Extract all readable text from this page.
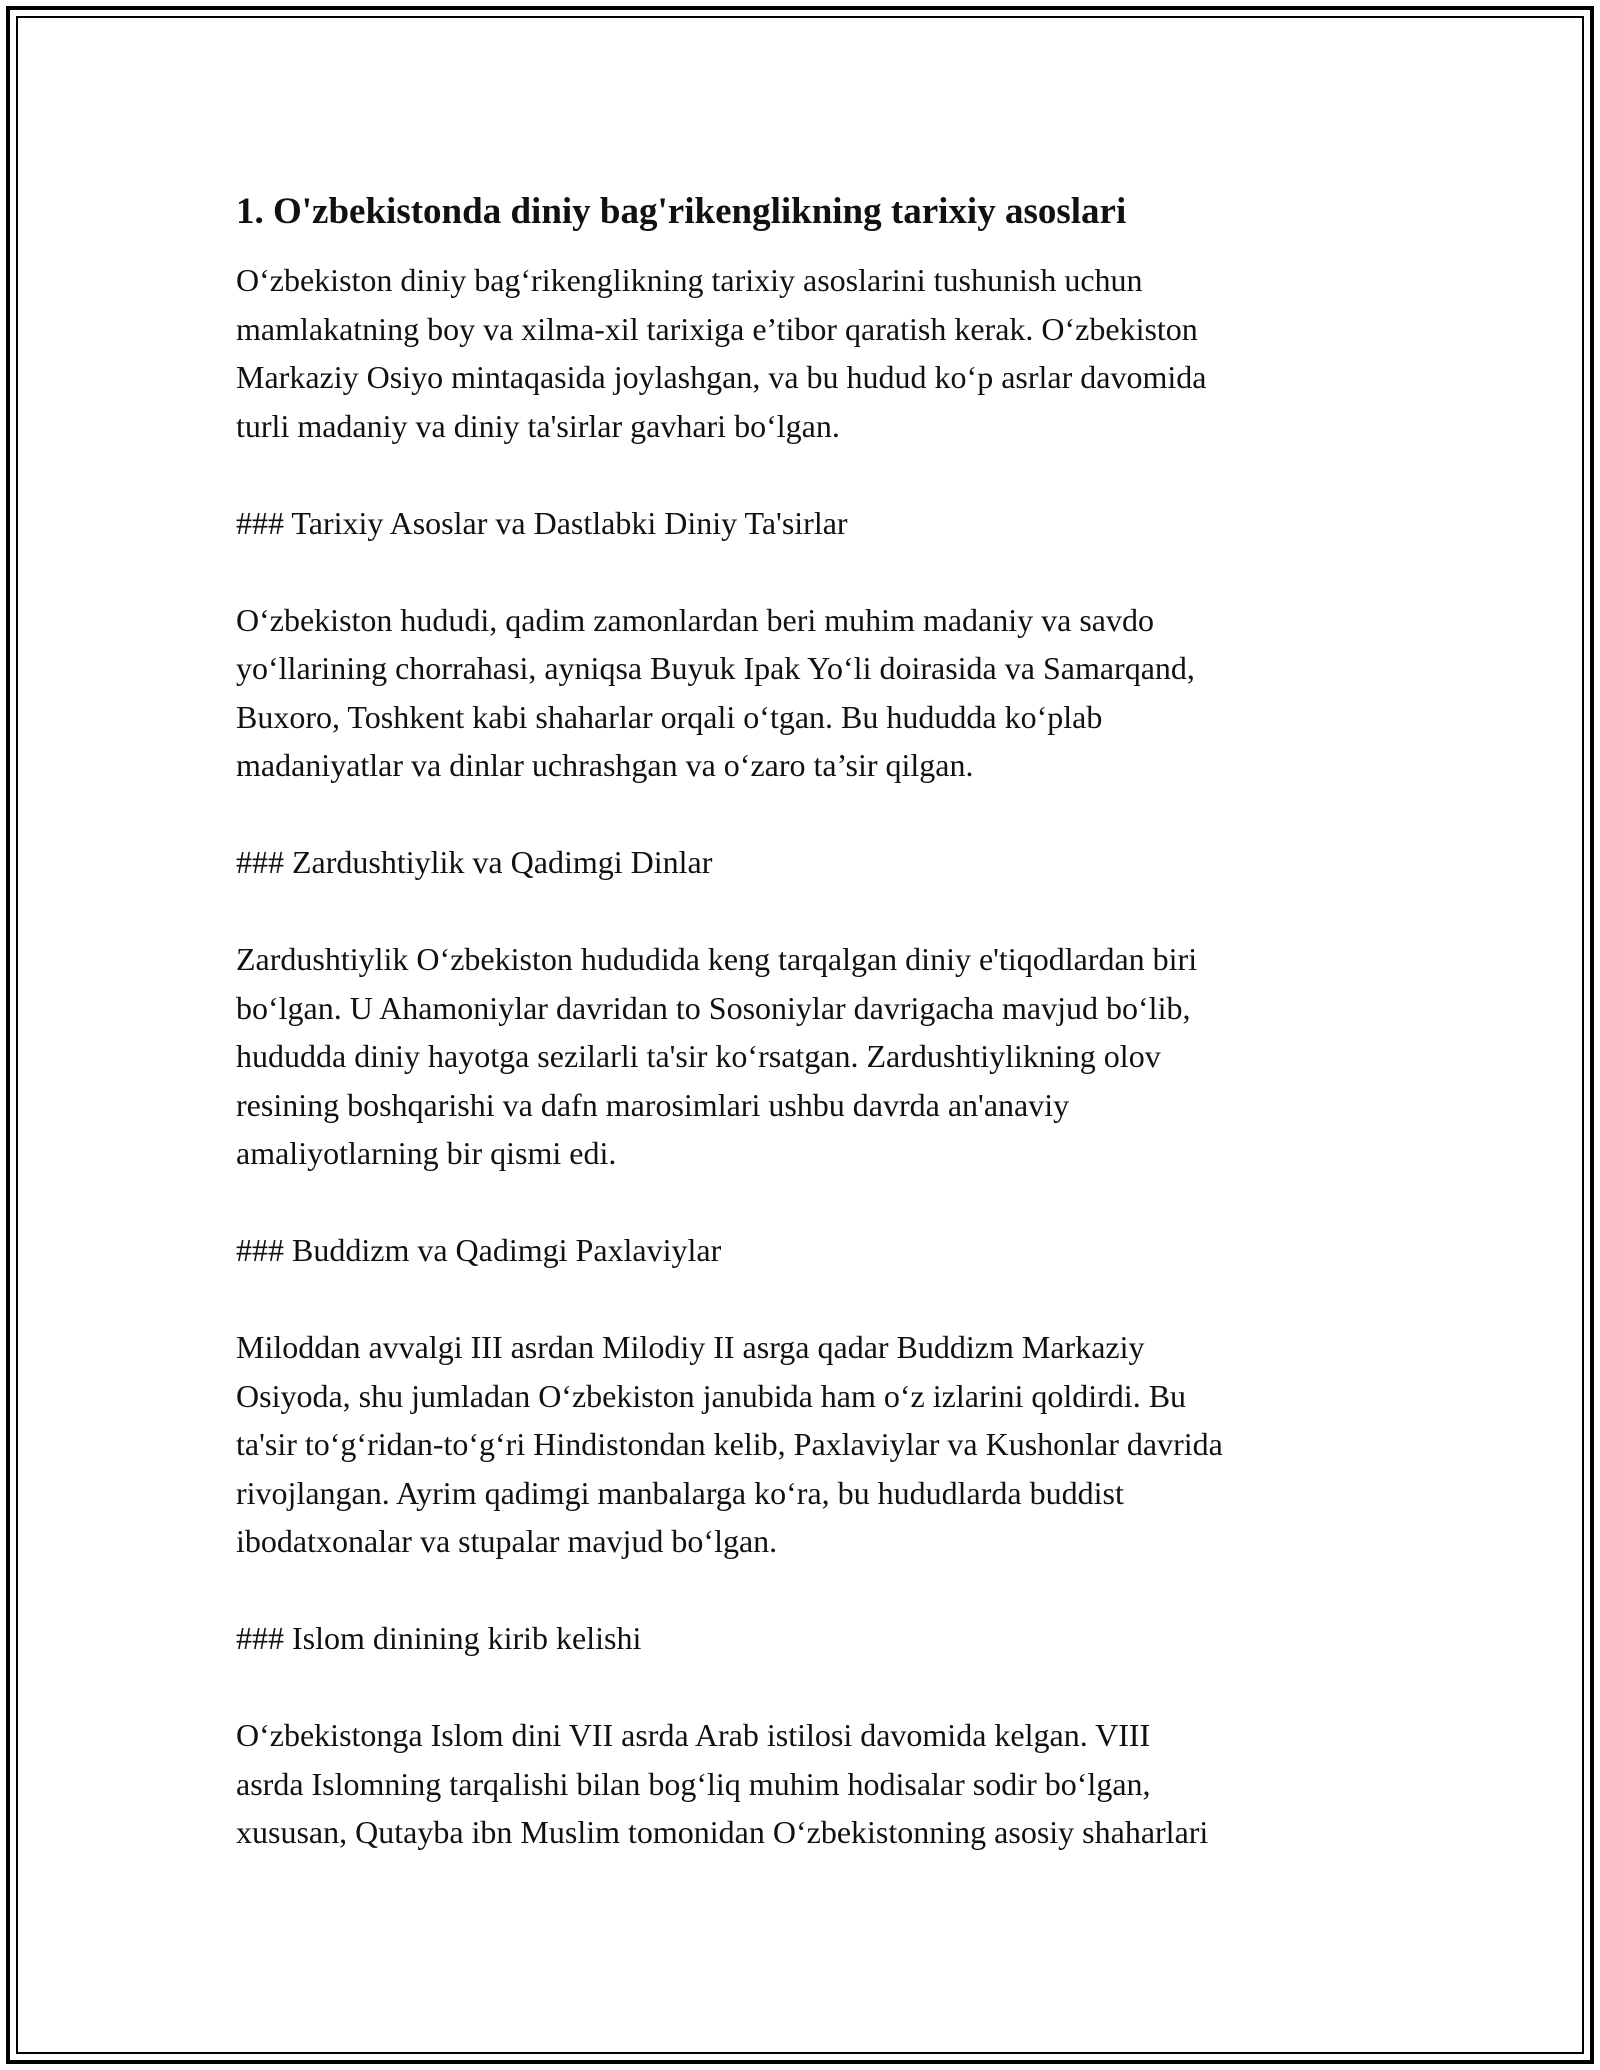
1. O'zbekistonda diniy bag'rikenglikning tarixiy asoslari

O‘zbekiston diniy bag‘rikenglikning tarixiy asoslarini tushunish uchun

mamlakatning boy va xilma-xil tarixiga e’tibor qaratish kerak. O‘zbekiston

Markaziy Osiyo mintaqasida joylashgan, va bu hudud ko‘p asrlar davomida

turli madaniy va diniy ta'sirlar gavhari bo‘lgan.

### Tarixiy Asoslar va Dastlabki Diniy Ta'sirlar

O‘zbekiston hududi, qadim zamonlardan beri muhim madaniy va savdo

yo‘llarining chorrahasi, ayniqsa Buyuk Ipak Yo‘li doirasida va Samarqand,

Buxoro, Toshkent kabi shaharlar orqali o‘tgan. Bu hududda ko‘plab

madaniyatlar va dinlar uchrashgan va o‘zaro ta’sir qilgan.

### Zardushtiylik va Qadimgi Dinlar

Zardushtiylik O‘zbekiston hududida keng tarqalgan diniy e'tiqodlardan biri

bo‘lgan. U Ahamoniylar davridan to Sosoniylar davrigacha mavjud bo‘lib,

hududda diniy hayotga sezilarli ta'sir ko‘rsatgan. Zardushtiylikning olov

resining boshqarishi va dafn marosimlari ushbu davrda an'anaviy

amaliyotlarning bir qismi edi.

### Buddizm va Qadimgi Paxlaviylar

Miloddan avvalgi III asrdan Milodiy II asrga qadar Buddizm Markaziy

Osiyoda, shu jumladan O‘zbekiston janubida ham o‘z izlarini qoldirdi. Bu

ta'sir to‘g‘ridan-to‘g‘ri Hindistondan kelib, Paxlaviylar va Kushonlar davrida

rivojlangan. Ayrim qadimgi manbalarga ko‘ra, bu hududlarda buddist

ibodatxonalar va stupalar mavjud bo‘lgan.

### Islom dinining kirib kelishi

O‘zbekistonga Islom dini VII asrda Arab istilosi davomida kelgan. VIII

asrda Islomning tarqalishi bilan bog‘liq muhim hodisalar sodir bo‘lgan,

xususan, Qutayba ibn Muslim tomonidan O‘zbekistonning asosiy shaharlari
